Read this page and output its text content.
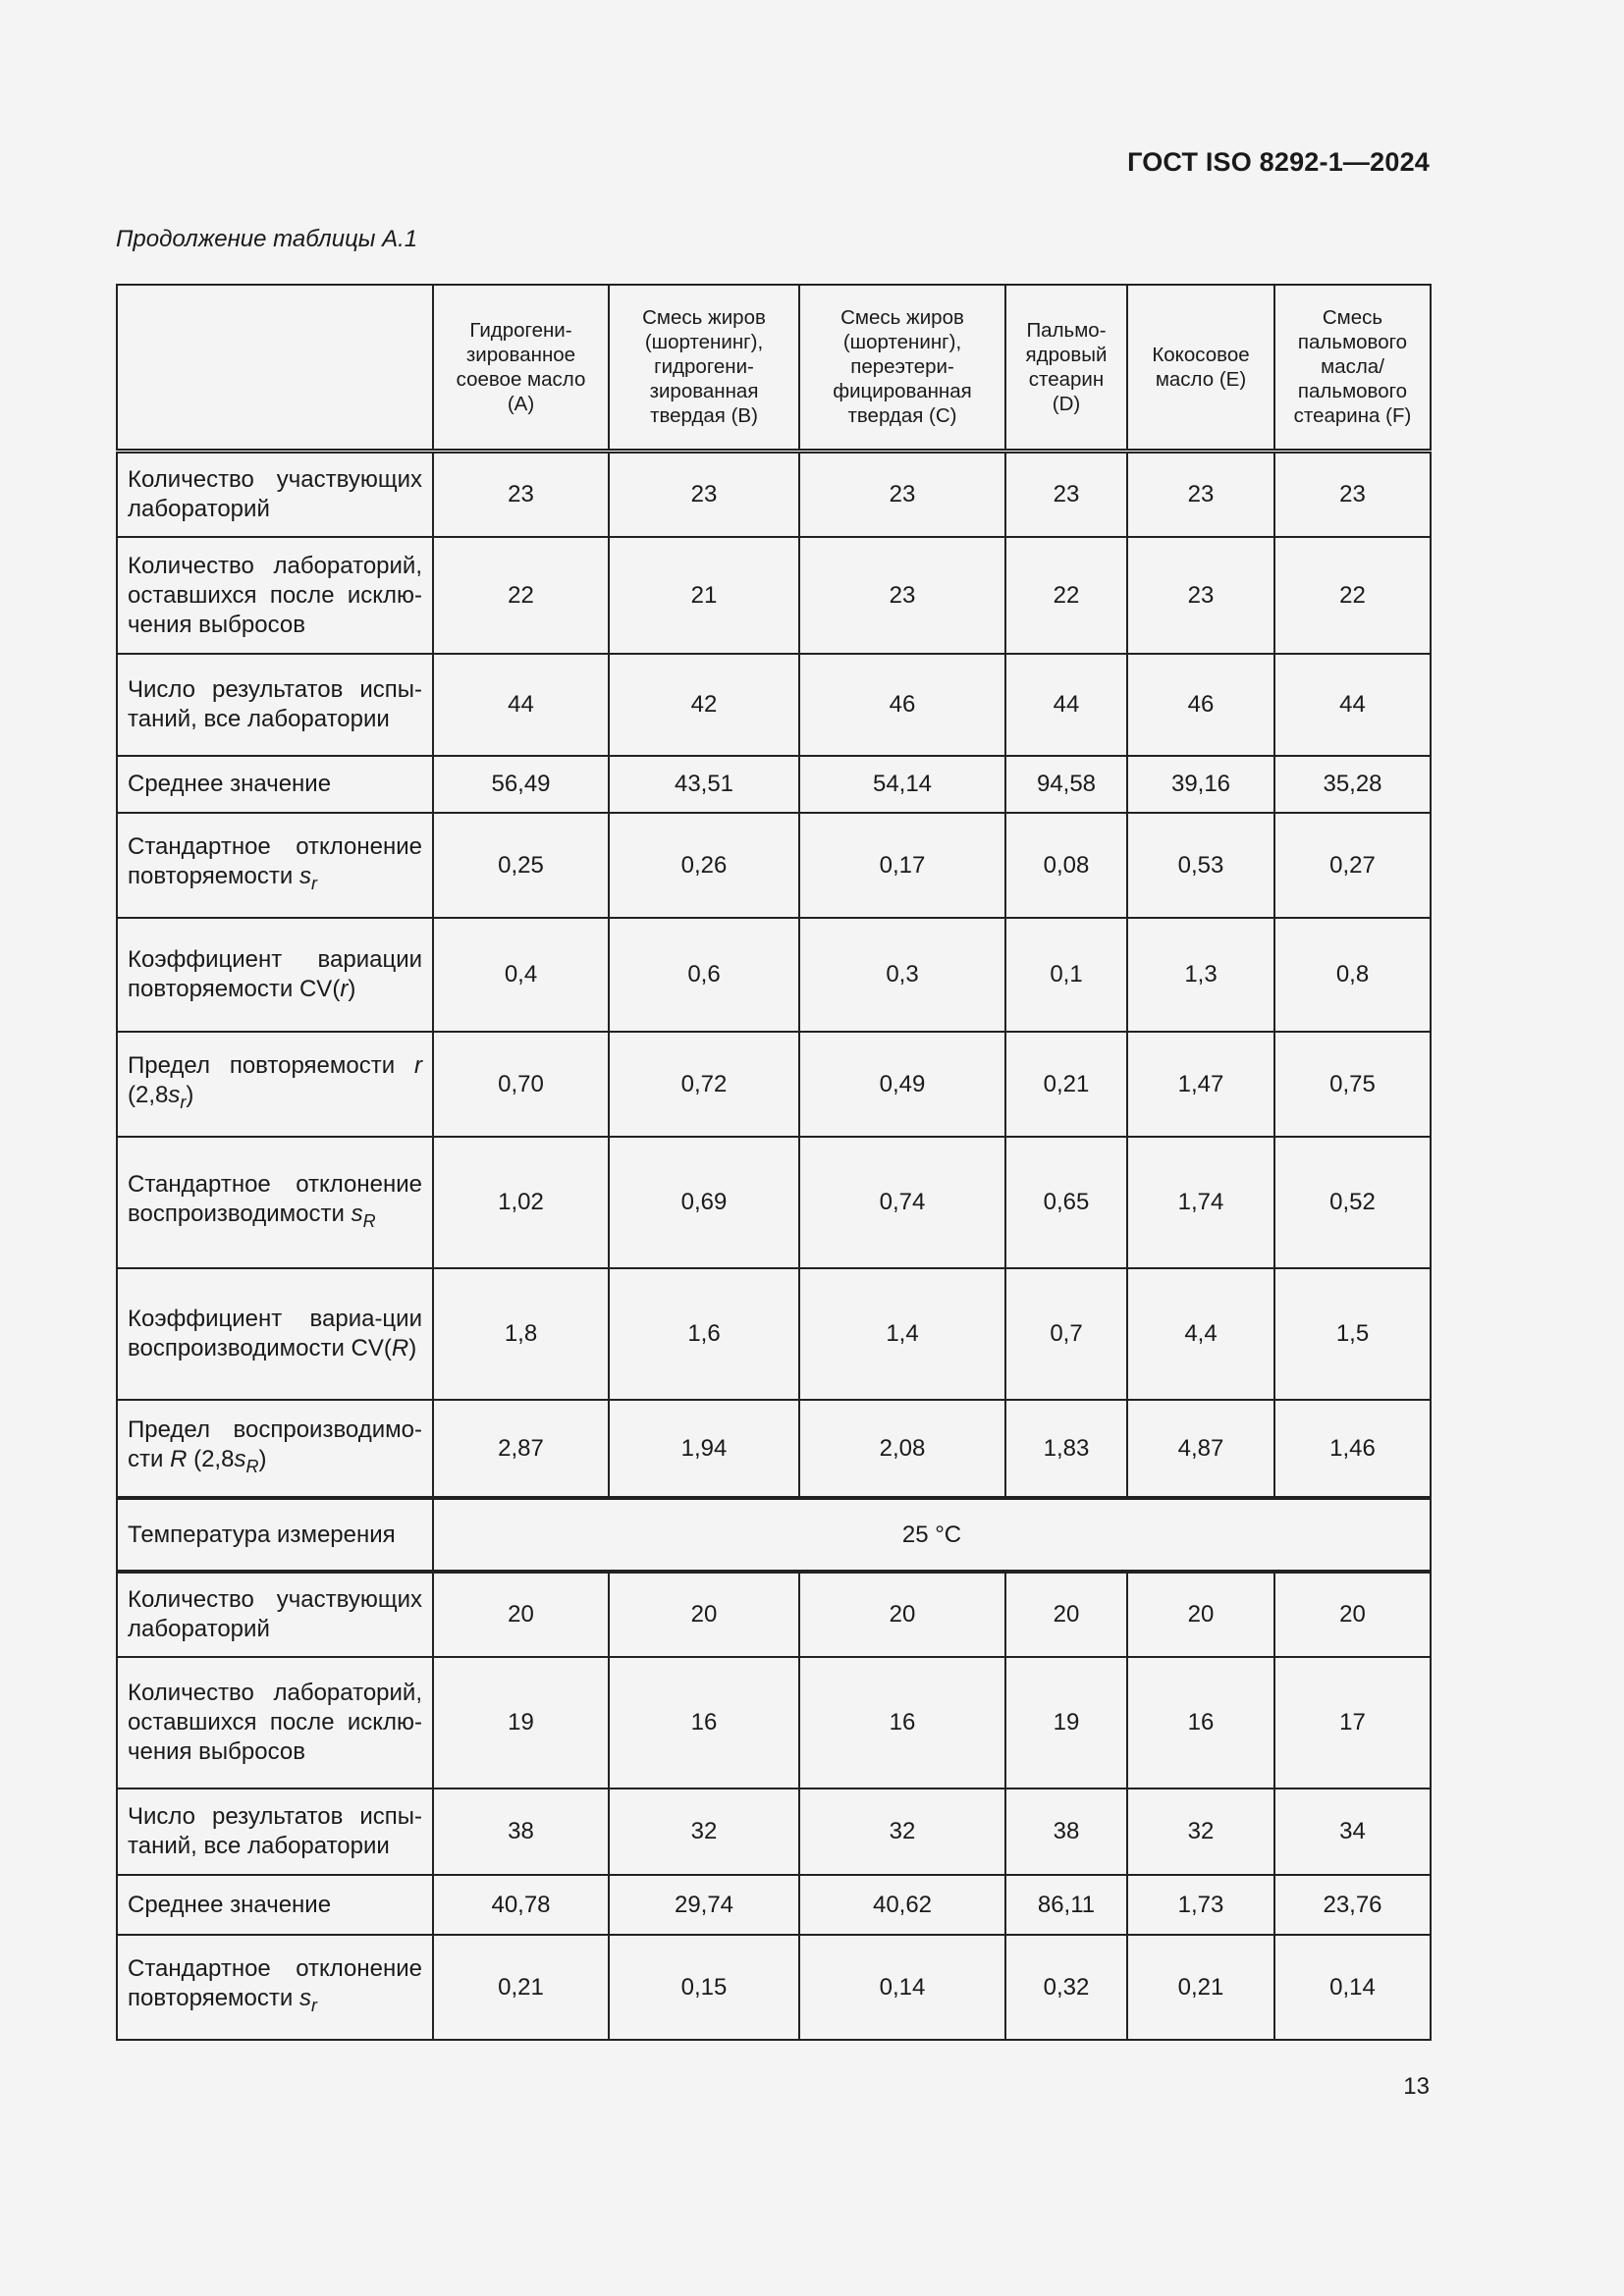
ГОСТ ISO 8292-1—2024
Продолжение таблицы А.1
	Гидрогени-
зированное
соевое масло
(A)	Смесь жиров
(шортенинг),
гидрогени-
зированная
твердая (B)	Смесь жиров
(шортенинг),
переэтери-
фицированная
твердая (C)	Пальмо-
ядровый
стеарин
(D)	Кокосовое
масло (E)	Смесь
пальмового
масла/
пальмового
стеарина (F)
Количество участвующих лабораторий	23	23	23	23	23	23
Количество лабораторий, оставшихся после исклю-чения выбросов	22	21	23	22	23	22
Число результатов испы-таний, все лаборатории	44	42	46	44	46	44
Среднее значение	56,49	43,51	54,14	94,58	39,16	35,28
Стандартное отклонение повторяемости $s_r$	0,25	0,26	0,17	0,08	0,53	0,27
Коэффициент вариации повторяемости CV(r)	0,4	0,6	0,3	0,1	1,3	0,8
Предел повторяемости r $(2,8s_r)$	0,70	0,72	0,49	0,21	1,47	0,75
Стандартное отклонение воспроизводимости $s_R$	1,02	0,69	0,74	0,65	1,74	0,52
Коэффициент вариа-ции воспроизводимости CV(R)	1,8	1,6	1,4	0,7	4,4	1,5
Предел воспроизводимо-сти R $(2,8s_R)$	2,87	1,94	2,08	1,83	4,87	1,46
Температура измерения	25 °C					
Количество участвующих лабораторий	20	20	20	20	20	20
Количество лабораторий, оставшихся после исклю-чения выбросов	19	16	16	19	16	17
Число результатов испы-таний, все лаборатории	38	32	32	38	32	34
Среднее значение	40,78	29,74	40,62	86,11	1,73	23,76
Стандартное отклонение повторяемости $s_r$	0,21	0,15	0,14	0,32	0,21	0,14
13
